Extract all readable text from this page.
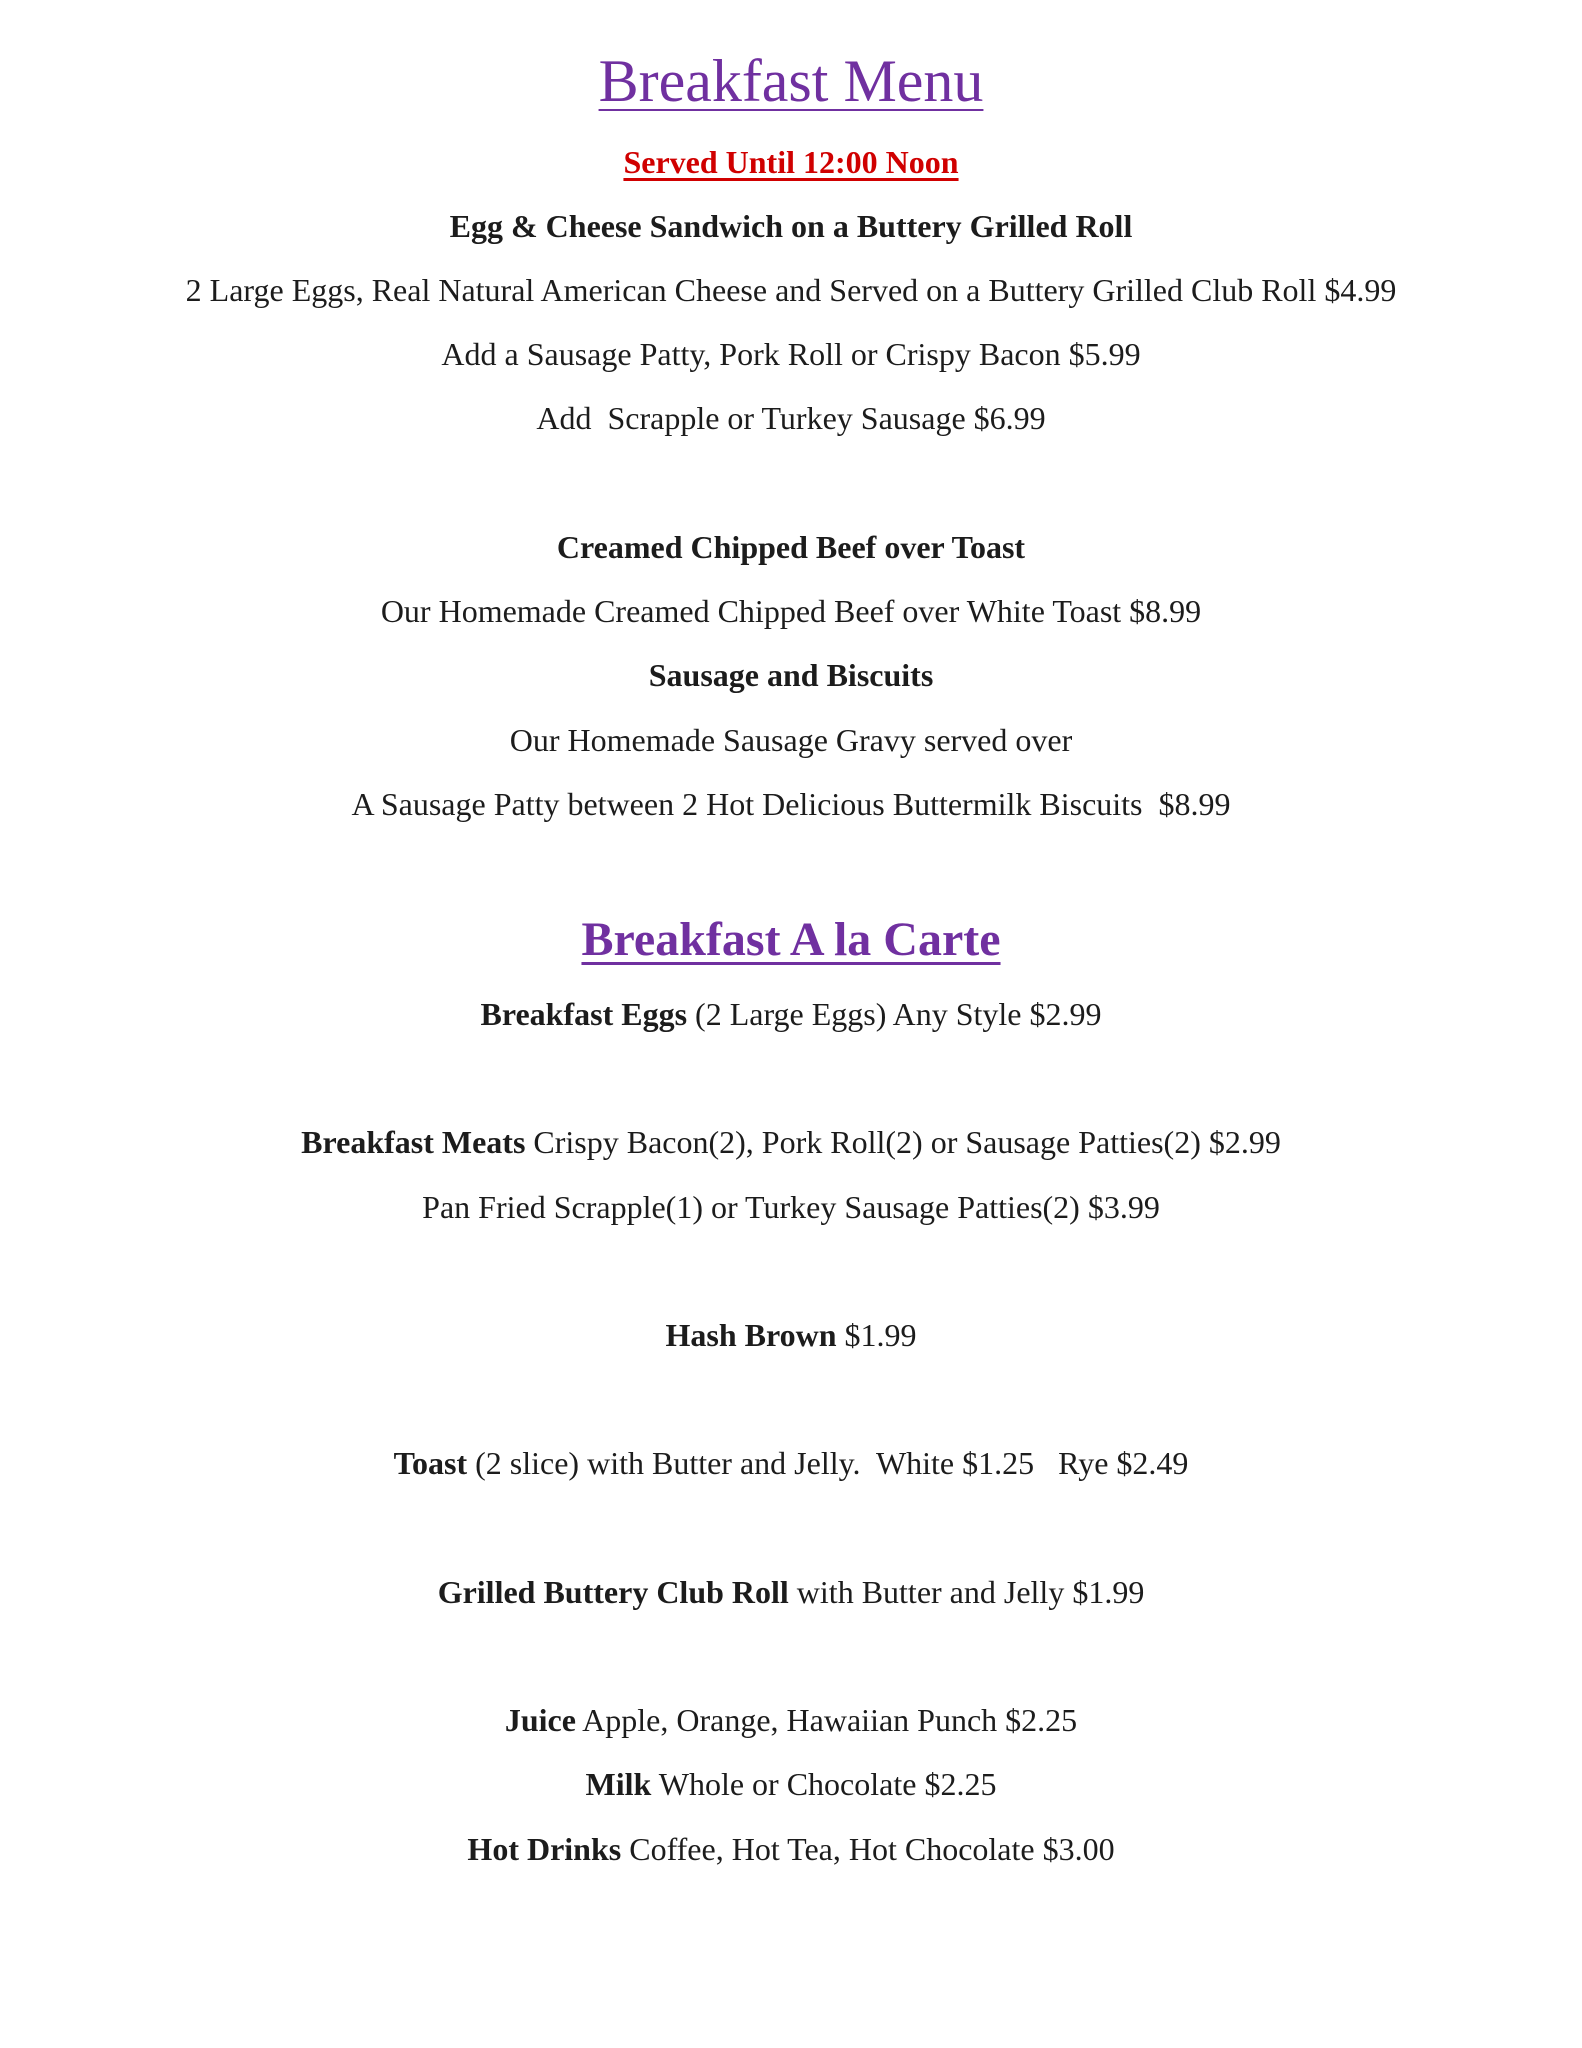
Breakfast Menu
Served Until 12:00 Noon
Egg & Cheese Sandwich on a Buttery Grilled Roll
2 Large Eggs, Real Natural American Cheese and Served on a Buttery Grilled Club Roll $4.99
Add a Sausage Patty, Pork Roll or Crispy Bacon $5.99
Add  Scrapple or Turkey Sausage $6.99
Creamed Chipped Beef over Toast
Our Homemade Creamed Chipped Beef over White Toast $8.99
Sausage and Biscuits
Our Homemade Sausage Gravy served over
A Sausage Patty between 2 Hot Delicious Buttermilk Biscuits  $8.99
Breakfast A la Carte
Breakfast Eggs (2 Large Eggs) Any Style $2.99
Breakfast Meats Crispy Bacon(2), Pork Roll(2) or Sausage Patties(2) $2.99
Pan Fried Scrapple(1) or Turkey Sausage Patties(2) $3.99
Hash Brown $1.99
Toast (2 slice) with Butter and Jelly.  White $1.25   Rye $2.49
Grilled Buttery Club Roll with Butter and Jelly $1.99
Juice Apple, Orange, Hawaiian Punch $2.25
Milk Whole or Chocolate $2.25
Hot Drinks Coffee, Hot Tea, Hot Chocolate $3.00
